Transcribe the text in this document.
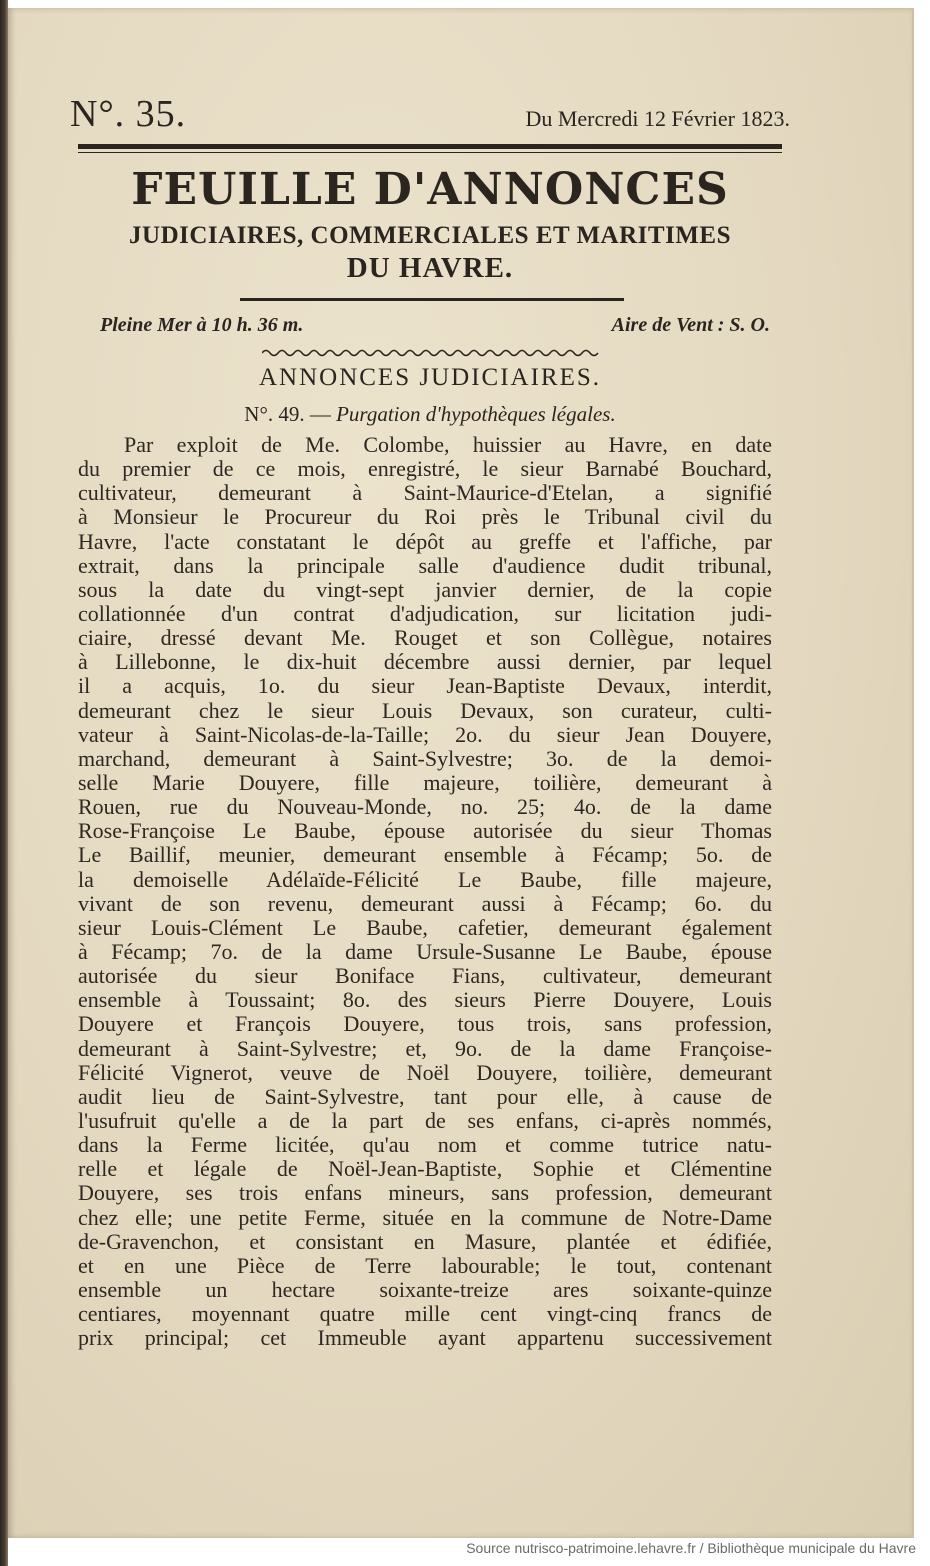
N°. 35.	Du Mercredi 12 Février 1823.
FEUILLE D'ANNONCES
JUDICIAIRES, COMMERCIALES ET MARITIMES
DU HAVRE.
Pleine Mer à 10 h. 36 m.	Aire de Vent : S. O.
ANNONCES JUDICIAIRES.
N°. 49. — Purgation d'hypothèques légales.
Par exploit de Me. Colombe, huissier au Havre, en date
du premier de ce mois, enregistré, le sieur Barnabé Bouchard,
cultivateur, demeurant à Saint-Maurice-d'Etelan, a signifié
à Monsieur le Procureur du Roi près le Tribunal civil du
Havre, l'acte constatant le dépôt au greffe et l'affiche, par
extrait, dans la principale salle d'audience dudit tribunal,
sous la date du vingt-sept janvier dernier, de la copie
collationnée d'un contrat d'adjudication, sur licitation judi-
ciaire, dressé devant Me. Rouget et son Collègue, notaires
à Lillebonne, le dix-huit décembre aussi dernier, par lequel
il a acquis, 1o. du sieur Jean-Baptiste Devaux, interdit,
demeurant chez le sieur Louis Devaux, son curateur, culti-
vateur à Saint-Nicolas-de-la-Taille; 2o. du sieur Jean Douyere,
marchand, demeurant à Saint-Sylvestre; 3o. de la demoi-
selle Marie Douyere, fille majeure, toilière, demeurant à
Rouen, rue du Nouveau-Monde, no. 25; 4o. de la dame
Rose-Françoise Le Baube, épouse autorisée du sieur Thomas
Le Baillif, meunier, demeurant ensemble à Fécamp; 5o. de
la demoiselle Adélaïde-Félicité Le Baube, fille majeure,
vivant de son revenu, demeurant aussi à Fécamp; 6o. du
sieur Louis-Clément Le Baube, cafetier, demeurant également
à Fécamp; 7o. de la dame Ursule-Susanne Le Baube, épouse
autorisée du sieur Boniface Fians, cultivateur, demeurant
ensemble à Toussaint; 8o. des sieurs Pierre Douyere, Louis
Douyere et François Douyere, tous trois, sans profession,
demeurant à Saint-Sylvestre; et, 9o. de la dame Françoise-
Félicité Vignerot, veuve de Noël Douyere, toilière, demeurant
audit lieu de Saint-Sylvestre, tant pour elle, à cause de
l'usufruit qu'elle a de la part de ses enfans, ci-après nommés,
dans la Ferme licitée, qu'au nom et comme tutrice natu-
relle et légale de Noël-Jean-Baptiste, Sophie et Clémentine
Douyere, ses trois enfans mineurs, sans profession, demeurant
chez elle; une petite Ferme, située en la commune de Notre-Dame
de-Gravenchon, et consistant en Masure, plantée et édifiée,
et en une Pièce de Terre labourable; le tout, contenant
ensemble un hectare soixante-treize ares soixante-quinze
centiares, moyennant quatre mille cent vingt-cinq francs de
prix principal; cet Immeuble ayant appartenu successivement
Source nutrisco-patrimoine.lehavre.fr / Bibliothèque municipale du Havre
